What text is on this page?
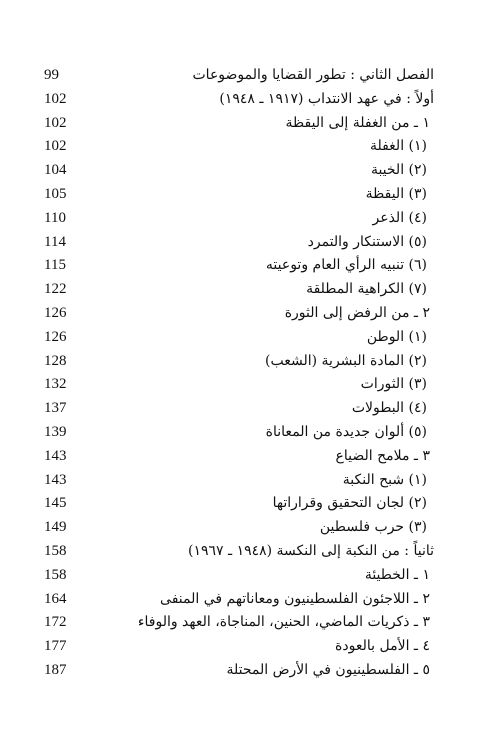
99	الفصل الثاني : تطور القضايا والموضوعات
102	أولاً : في عهد الانتداب (١٩١٧ ـ ١٩٤٨)
102	١ ـ من الغفلة إلى اليقظة
102	(١) الغفلة
104	(٢) الخيبة
105	(٣) اليقظة
110	(٤) الذعر
114	(٥) الاستنكار والتمرد
115	(٦) تنبيه الرأي العام وتوعيته
122	(٧) الكراهية المطلقة
126	٢ ـ من الرفض إلى الثورة
126	(١) الوطن
128	(٢) المادة البشرية (الشعب)
132	(٣) الثورات
137	(٤) البطولات
139	(٥) ألوان جديدة من المعاناة
143	٣ ـ ملامح الضياع
143	(١) شبح النكبة
145	(٢) لجان التحقيق وقراراتها
149	(٣) حرب فلسطين
158	ثانياً : من النكبة إلى النكسة (١٩٤٨ ـ ١٩٦٧)
158	١ ـ الخطيئة
164	٢ ـ اللاجئون الفلسطينيون ومعاناتهم في المنفى
172	٣ ـ ذكريات الماضي، الحنين، المناجاة، العهد والوفاء
177	٤ ـ الأمل بالعودة
187	٥ ـ الفلسطينيون في الأرض المحتلة
